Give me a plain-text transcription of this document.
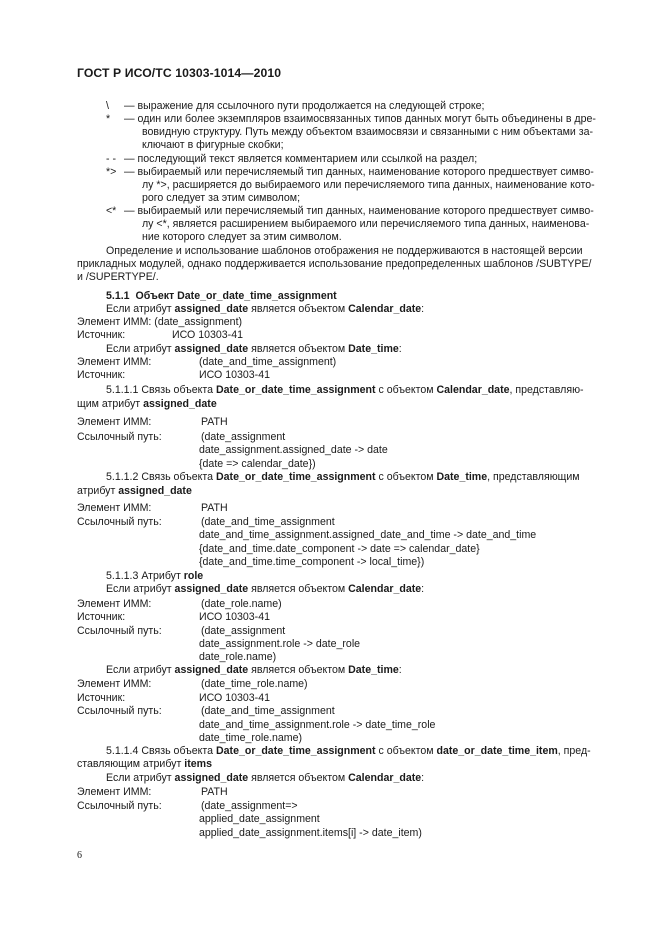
ГОСТ Р ИСО/ТС 10303-1014—2010
\ — выражение для ссылочного пути продолжается на следующей строке;
* — один или более экземпляров взаимосвязанных типов данных могут быть объединены в дре-
вовидную структуру. Путь между объектом взаимосвязи и связанными с ним объектами за-
ключают в фигурные скобки;
- - — последующий текст является комментарием или ссылкой на раздел;
*> — выбираемый или перечисляемый тип данных, наименование которого предшествует симво-
лу *>, расширяется до выбираемого или перечисляемого типа данных, наименование кото-
рого следует за этим символом;
<* — выбираемый или перечисляемый тип данных, наименование которого предшествует симво-
лу <*, является расширением выбираемого или перечисляемого типа данных, наименова-
ние которого следует за этим символом.
Определение и использование шаблонов отображения не поддерживаются в настоящей версии
прикладных модулей, однако поддерживается использование предопределенных шаблонов /SUBTYPE/
и /SUPERTYPE/.
5.1.1 Объект Date_or_date_time_assignment
Если атрибут assigned_date является объектом Calendar_date:
Элемент ИММ: (date_assignment)
Источник:	ИСО 10303-41
Если атрибут assigned_date является объектом Date_time:
Элемент ИММ:	(date_and_time_assignment)
Источник:	ИСО 10303-41
5.1.1.1 Связь объекта Date_or_date_time_assignment с объектом Calendar_date, представляю-
щим атрибут assigned_date
Элемент ИММ:	PATH
Ссылочный путь:	(date_assignment
date_assignment.assigned_date -> date
{date => calendar_date})
5.1.1.2 Связь объекта Date_or_date_time_assignment с объектом Date_time, представляющим
атрибут assigned_date
Элемент ИММ:	PATH
Ссылочный путь:	(date_and_time_assignment
date_and_time_assignment.assigned_date_and_time -> date_and_time
{date_and_time.date_component -> date => calendar_date}
{date_and_time.time_component -> local_time})
5.1.1.3 Атрибут role
Если атрибут assigned_date является объектом Calendar_date:
Элемент ИММ:	(date_role.name)
Источник:	ИСО 10303-41
Ссылочный путь:	(date_assignment
date_assignment.role -> date_role
date_role.name)
Если атрибут assigned_date является объектом Date_time:
Элемент ИММ:	(date_time_role.name)
Источник:	ИСО 10303-41
Ссылочный путь:	(date_and_time_assignment
date_and_time_assignment.role -> date_time_role
date_time_role.name)
5.1.1.4 Связь объекта Date_or_date_time_assignment с объектом date_or_date_time_item, пред-
ставляющим атрибут items
Если атрибут assigned_date является объектом Calendar_date:
Элемент ИММ:	PATH
Ссылочный путь:	(date_assignment=>
applied_date_assignment
applied_date_assignment.items[i] -> date_item)
6
